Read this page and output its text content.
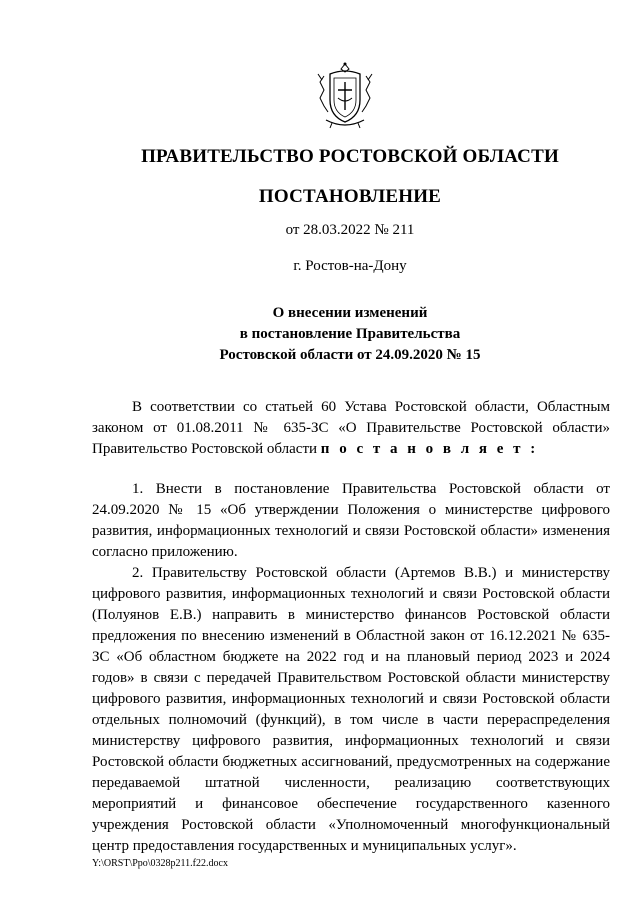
ПРАВИТЕЛЬСТВО РОСТОВСКОЙ ОБЛАСТИ
ПОСТАНОВЛЕНИЕ
от 28.03.2022 № 211
г. Ростов-на-Дону
О внесении изменений
в постановление Правительства
Ростовской области от 24.09.2020 № 15

В соответствии со статьей 60 Устава Ростовской области, Областным законом от 01.08.2011 № 635-ЗС «О Правительстве Ростовской области» Правительство Ростовской области п о с т а н о в л я е т :

1. Внести в постановление Правительства Ростовской области от 24.09.2020 № 15 «Об утверждении Положения о министерстве цифрового развития, информационных технологий и связи Ростовской области» изменения согласно приложению.

2. Правительству Ростовской области (Артемов В.В.) и министерству цифрового развития, информационных технологий и связи Ростовской области (Полуянов Е.В.) направить в министерство финансов Ростовской области предложения по внесению изменений в Областной закон от 16.12.2021 № 635-ЗС «Об областном бюджете на 2022 год и на плановый период 2023 и 2024 годов» в связи с передачей Правительством Ростовской области министерству цифрового развития, информационных технологий и связи Ростовской области отдельных полномочий (функций), в том числе в части перераспределения министерству цифрового развития, информационных технологий и связи Ростовской области бюджетных ассигнований, предусмотренных на содержание передаваемой штатной численности, реализацию соответствующих мероприятий и финансовое обеспечение государственного казенного учреждения Ростовской области «Уполномоченный многофункциональный центр предоставления государственных и муниципальных услуг».

Y:\ORST\Ppo\0328p211.f22.docx
